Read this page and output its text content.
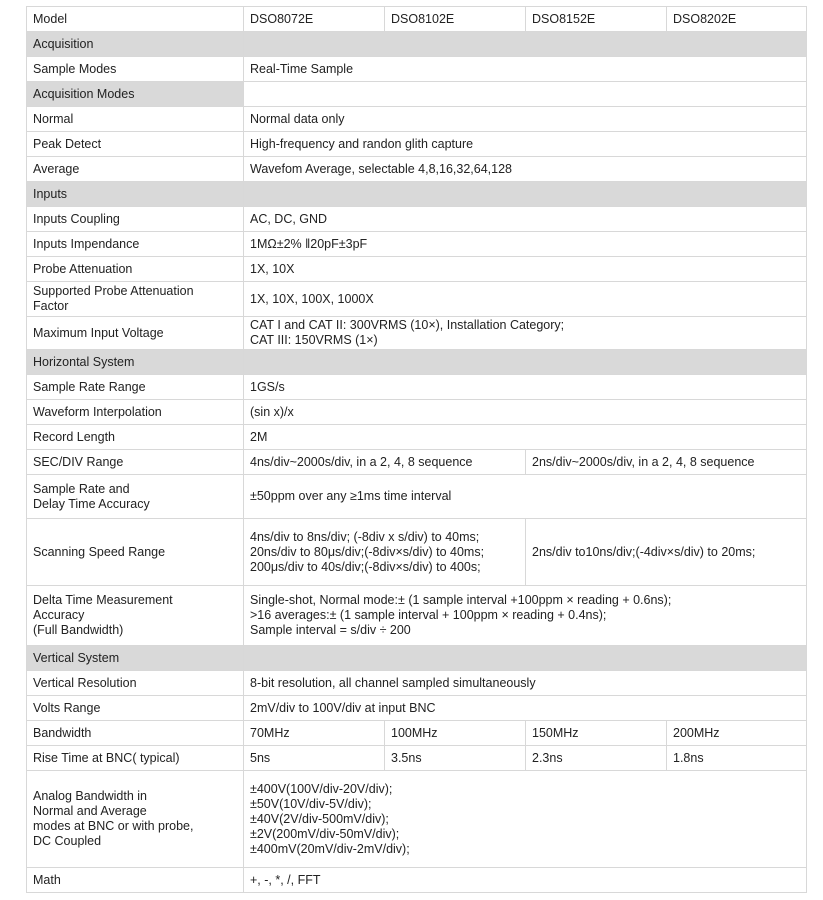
Model	DSO8072E	DSO8102E	DSO8152E	DSO8202E
Acquisition				

Sample Modes	Real-Time Sample			

Acquisition Modes				

Normal	Normal data only			

Peak Detect	High-frequency and randon glith capture			

Average	Wavefom Average, selectable 4,8,16,32,64,128			

Inputs				

Inputs Coupling	AC, DC, GND			

Inputs Impendance	1MΩ±2% ǁ20pF±3pF			

Probe Attenuation	1X, 10X			

Supported Probe Attenuation
Factor	1X, 10X, 100X, 1000X			

Maximum Input Voltage	CAT I and CAT II: 300VRMS (10×), Installation Category;
CAT III: 150VRMS (1×)			

Horizontal System				

Sample Rate Range	1GS/s			

Waveform Interpolation	(sin x)/x			

Record Length	2M			

SEC/DIV Range	4ns/div~2000s/div, in a 2, 4, 8 sequence		2ns/div~2000s/div, in a 2, 4, 8 sequence	

Sample Rate and
Delay Time Accuracy	±50ppm over any ≥1ms time interval			

Scanning Speed Range	4ns/div to 8ns/div; (-8div x s/div) to 40ms;
20ns/div to 80μs/div;(-8div×s/div) to 40ms;
200μs/div to 40s/div;(-8div×s/div) to 400s;		2ns/div to10ns/div;(-4div×s/div) to 20ms;	

Delta Time Measurement
Accuracy
(Full Bandwidth)	Single-shot, Normal mode:± (1 sample interval +100ppm × reading + 0.6ns);
>16 averages:± (1 sample interval + 100ppm × reading + 0.4ns);
Sample interval = s/div ÷ 200			

Vertical System				

Vertical Resolution	8-bit resolution, all channel sampled simultaneously			

Volts Range	2mV/div to 100V/div at input BNC			

Bandwidth	70MHz	100MHz	150MHz	200MHz

Rise Time at BNC( typical)	5ns	3.5ns	2.3ns	1.8ns

Analog Bandwidth in
Normal and Average
modes at BNC or with probe,
DC Coupled	±400V(100V/div-20V/div);
±50V(10V/div-5V/div);
±40V(2V/div-500mV/div);
±2V(200mV/div-50mV/div);
±400mV(20mV/div-2mV/div);			

Math	+, -, *, /, FFT			
